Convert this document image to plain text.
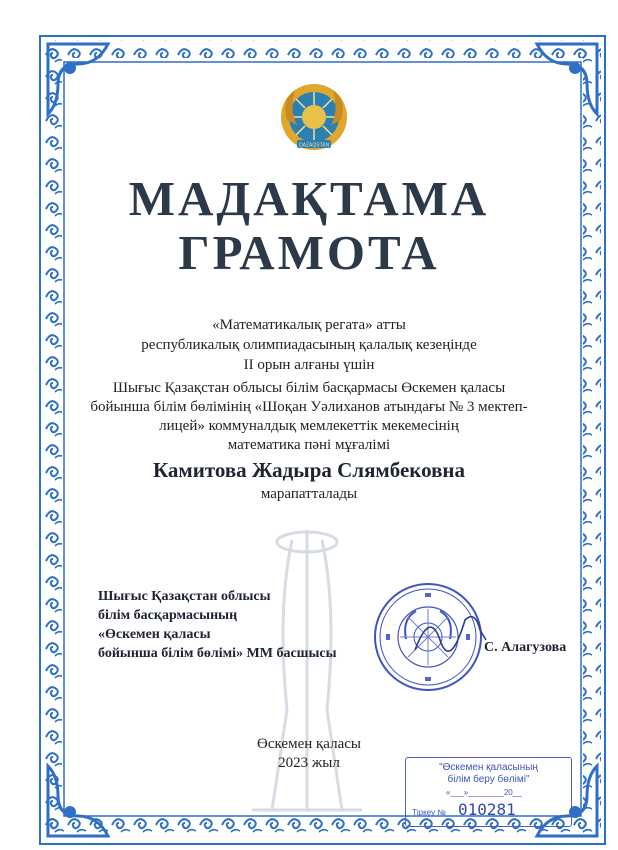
QAZAQSTAN
МАДАҚТАМА
ГРАМОТА
«Математикалық регата» атты
республикалық олимпиадасының қалалық кезеңінде
II орын алғаны үшін
Шығыс Қазақстан облысы білім басқармасы Өскемен қаласы
бойынша білім бөлімінің «Шоқан Уәлиханов атындағы № 3 мектеп-
лицей» коммуналдық мемлекеттік мекемесінің
математика пәні мұғалімі
Камитова Жадыра Слямбековна
марапатталады
Шығыс Қазақстан облысы
білім басқармасының
«Өскемен қаласы
бойынша білім бөлімі» ММ басшысы	С. Алагузова
Өскемен қаласы
2023 жыл	"Өскемен қаласының
білім беру бөлімі"
«___»________20__
Тіркеу № 010281
